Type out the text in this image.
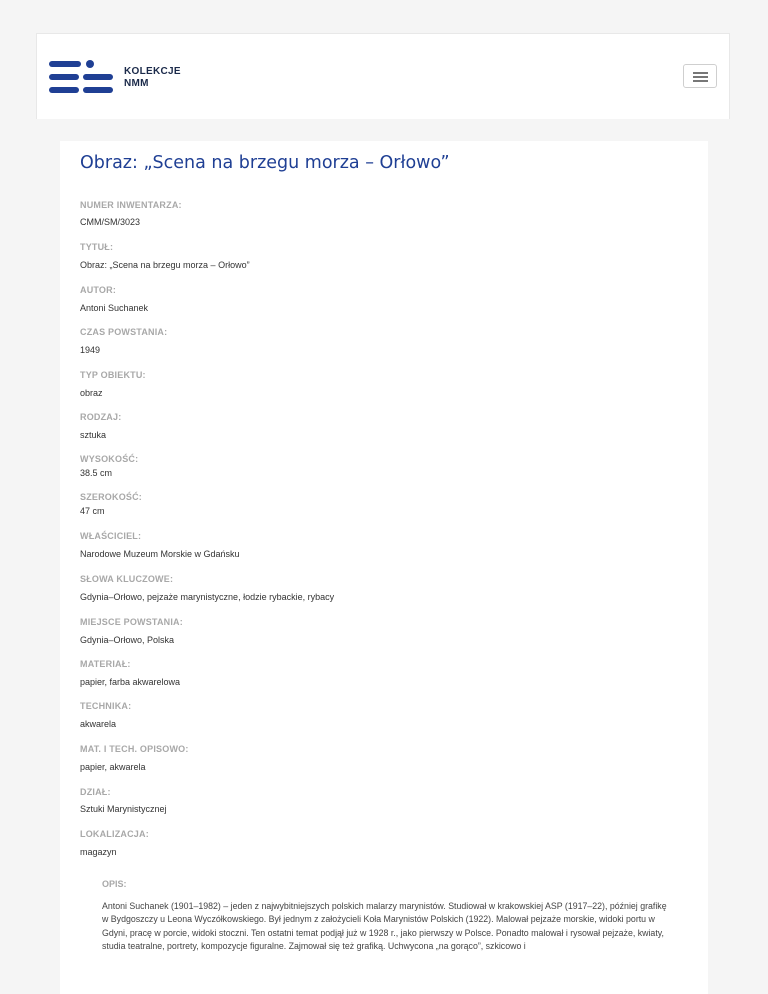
KOLEKCJE
NMM
Obraz: „Scena na brzegu morza – Orłowo”
NUMER INWENTARZA:
CMM/SM/3023
TYTUŁ:
Obraz: „Scena na brzegu morza – Orłowo”
AUTOR:
Antoni Suchanek
CZAS POWSTANIA:
1949
TYP OBIEKTU:
obraz
RODZAJ:
sztuka
WYSOKOŚĆ:
38.5 cm
SZEROKOŚĆ:
47 cm
WŁAŚCICIEL:
Narodowe Muzeum Morskie w Gdańsku
SŁOWA KLUCZOWE:
Gdynia–Orłowo, pejzaże marynistyczne, łodzie rybackie, rybacy
MIEJSCE POWSTANIA:
Gdynia–Orłowo, Polska
MATERIAŁ:
papier, farba akwarelowa
TECHNIKA:
akwarela
MAT. I TECH. OPISOWO:
papier, akwarela
DZIAŁ:
Sztuki Marynistycznej
LOKALIZACJA:
magazyn
OPIS:
Antoni Suchanek (1901–1982) – jeden z najwybitniejszych polskich malarzy marynistów. Studiował w krakowskiej ASP (1917–22), później grafikę w Bydgoszczy u Leona Wyczółkowskiego. Był jednym z założycieli Koła Marynistów Polskich (1922). Malował pejzaże morskie, widoki portu w Gdyni, pracę w porcie, widoki stoczni. Ten ostatni temat podjął już w 1928 r., jako pierwszy w Polsce. Ponadto malował i rysował pejzaże, kwiaty, studia teatralne, portrety, kompozycje figuralne. Zajmował się też grafiką. Uchwycona „na gorąco”, szkicowo i
